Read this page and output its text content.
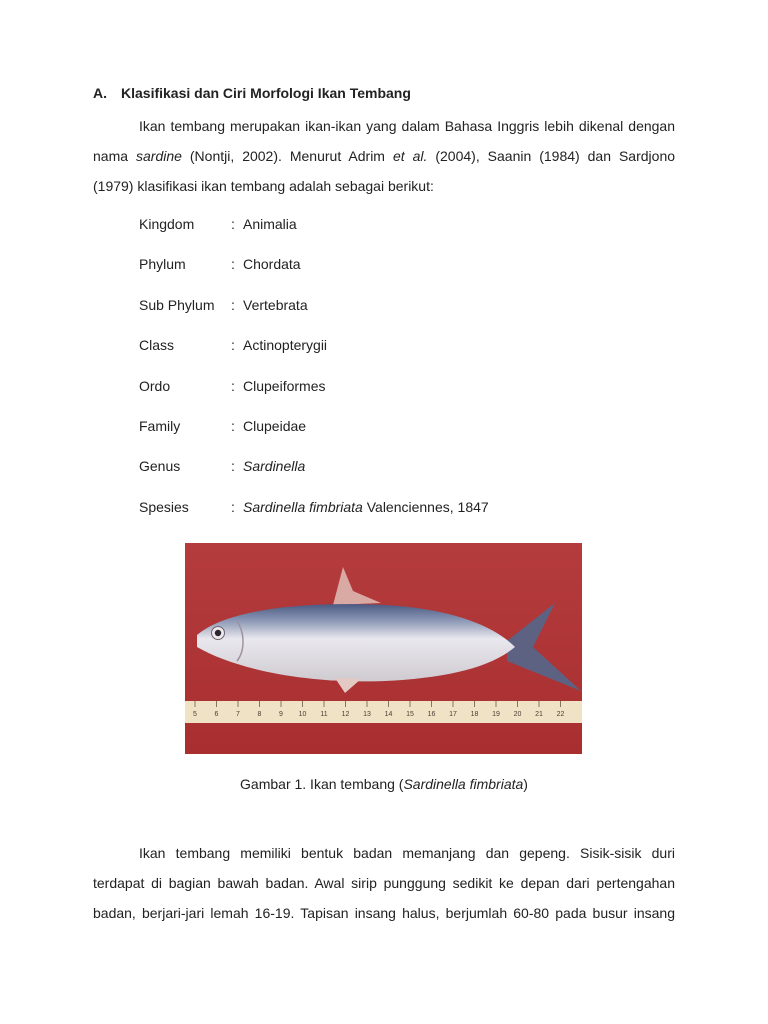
A. Klasifikasi dan Ciri Morfologi Ikan Tembang
Ikan tembang merupakan ikan-ikan yang dalam Bahasa Inggris lebih dikenal dengan
nama sardine (Nontji, 2002). Menurut Adrim et al. (2004), Saanin (1984) dan Sardjono
(1979) klasifikasi ikan tembang adalah sebagai berikut:
Kingdom	: Animalia
Phylum	: Chordata
Sub Phylum : Vertebrata
Class	: Actinopterygii
Ordo	: Clupeiformes
Family	: Clupeidae
Genus	: Sardinella
Spesies	: Sardinella fimbriata Valenciennes, 1847
5	6	7	8	9 10 11 12 13 14 15 16 17 18 19 20 21 22
Gambar 1. Ikan tembang (Sardinella fimbriata)
Ikan tembang memiliki bentuk badan memanjang dan gepeng. Sisik-sisik duri
terdapat di bagian bawah badan. Awal sirip punggung sedikit ke depan dari pertengahan
badan, berjari-jari lemah 16-19. Tapisan insang halus, berjumlah 60-80 pada busur insang
